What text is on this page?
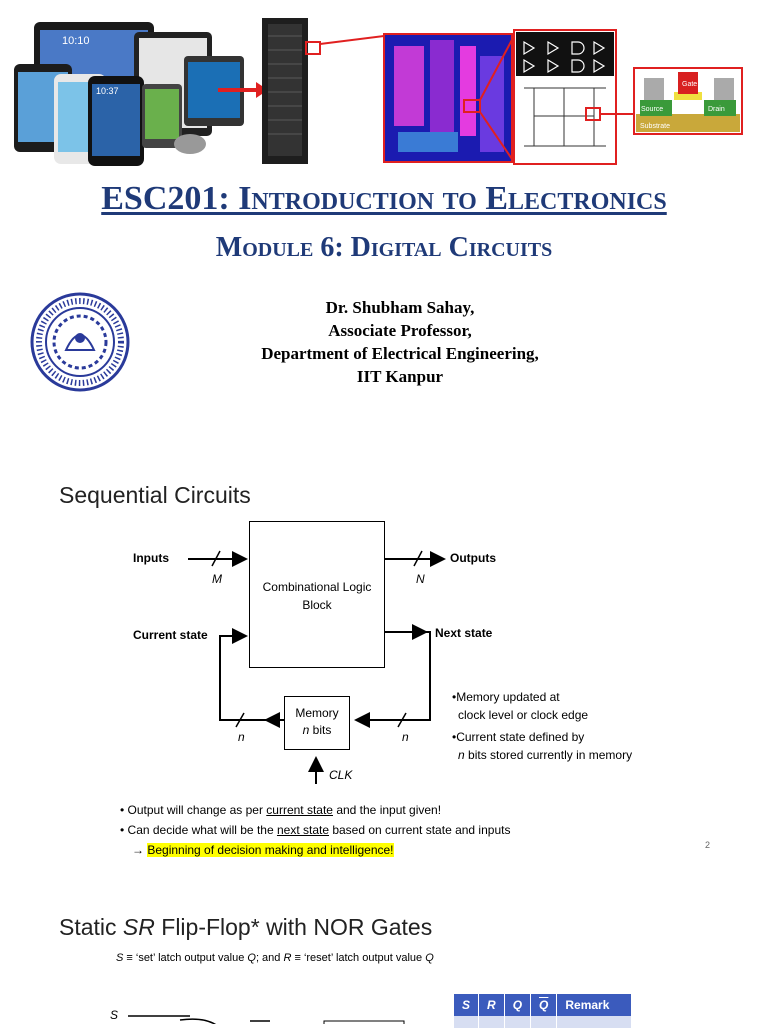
10:10
10:37
Gate
Source	Drain
Substrate
ESC201: Introduction to Electronics
Module 6: Digital Circuits
Dr. Shubham Sahay,
Associate Professor,
Department of Electrical Engineering,
IIT Kanpur
Sequential Circuits
Inputs
M
Outputs
N
Current state	Next state
Combinational Logic
Block
Memory
n bits
n	n
CLK
•Memory updated at
clock level or clock edge
•Current state defined by
n bits stored currently in memory
• Output will change as per current state and the input given!
• Can decide what will be the next state based on current state and inputs
→ Beginning of decision making and intelligence!	2
Static SR Flip-Flop* with NOR Gates
S ≡ ‘set’ latch output value Q; and R ≡ ‘reset’ latch output value Q
S
S	R	Q	$\overline{Q}$	Remark
